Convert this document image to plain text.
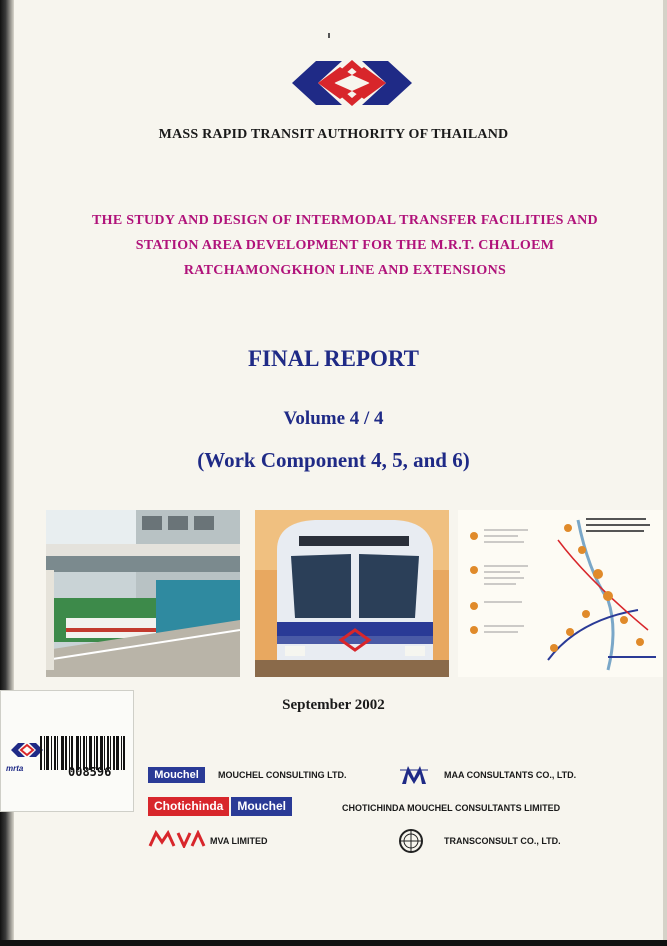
MASS RAPID TRANSIT AUTHORITY OF THAILAND
THE STUDY AND DESIGN OF INTERMODAL TRANSFER FACILITIES AND
STATION AREA DEVELOPMENT FOR THE M.R.T. CHALOEM
RATCHAMONGKHON LINE AND EXTENSIONS
FINAL REPORT
Volume 4 / 4
(Work Component 4, 5, and 6)
September 2002
mrta	008596	Mouchel	MOUCHEL CONSULTING LTD.	MAA CONSULTANTS CO., LTD.
Chotichinda	Mouchel	CHOTICHINDA MOUCHEL CONSULTANTS LIMITED
MVA LIMITED	TRANSCONSULT CO., LTD.
